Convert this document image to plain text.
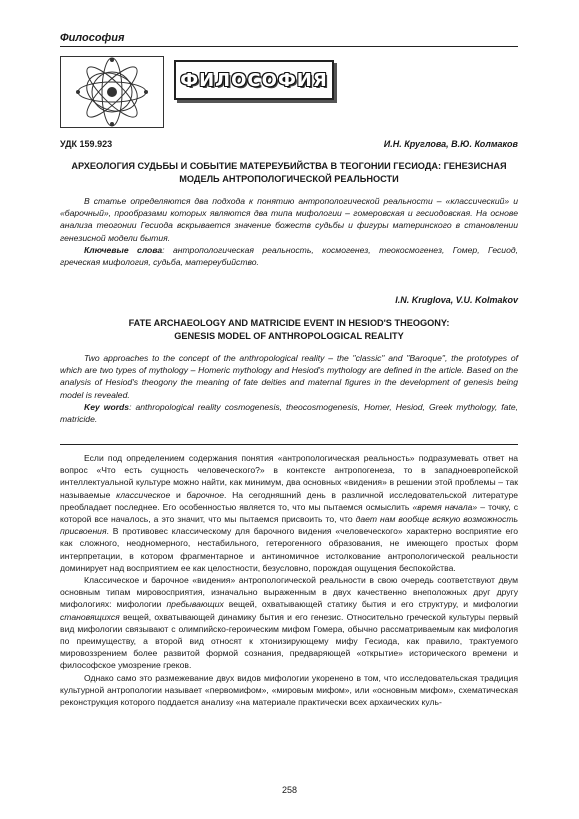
Философия
ФИЛОСОФИЯ
УДК 159.923	И.Н. Круглова, В.Ю. Колмаков
АРХЕОЛОГИЯ СУДЬБЫ И СОБЫТИЕ МАТЕРЕУБИЙСТВА В ТЕОГОНИИ ГЕСИОДА: ГЕНЕЗИСНАЯ
МОДЕЛЬ АНТРОПОЛОГИЧЕСКОЙ РЕАЛЬНОСТИ

В статье определяются два подхода к понятию антропологической реальности – «классический» и «барочный», прообразами которых являются два типа мифологии – гомеровская и гесиодовская. На основе анализа теогонии Гесиода вскрывается значение божеств судьбы и фигуры материнского в становлении генезисной модели бытия.

Ключевые слова: антропологическая реальность, космогенез, теокосмогенез, Гомер, Гесиод, греческая мифология, судьба, матереубийство.

I.N. Kruglova, V.U. Kolmakov
FATE ARCHAEOLOGY AND MATRICIDE EVENT IN HESIOD'S THEOGONY:
GENESIS MODEL OF ANTHROPOLOGICAL REALITY

Two approaches to the concept of the anthropological reality – the "classic" and "Baroque", the prototypes of which are two types of mythology – Homeric mythology and Hesiod's mythology are defined in the article. Based on the analysis of Hesiod's theogony the meaning of fate deities and maternal figures in the development of genesis being model is revealed.

Key words: anthropological reality cosmogenesis, theocosmogenesis, Homer, Hesiod, Greek mythology, fate, matricide.

Если под определением содержания понятия «антропологическая реальность» подразумевать ответ на вопрос «Что есть сущность человеческого?» в контексте антропогенеза, то в западноевропейской интеллектуальной культуре можно найти, как минимум, два основных «видения» в решении этой проблемы – так называемые классическое и барочное. На сегодняшний день в различной исследовательской литературе преобладает последнее. Его особенностью является то, что мы пытаемся осмыслить «время начала» – точку, с которой все началось, а это значит, что мы пытаемся присвоить то, что дает нам вообще всякую возможность присвоения. В противовес классическому для барочного видения «человеческого» характерно восприятие его как сложного, неодномерного, нестабильного, гетерогенного образования, не имеющего простых форм интерпретации, в котором фрагментарное и антиномичное истолкование антропологической реальности доминирует над восприятием ее как целостности, безусловно, порождая ощущения беспокойства.

Классическое и барочное «видения» антропологической реальности в свою очередь соответствуют двум основным типам мировосприятия, изначально выраженным в двух качественно внеположных друг другу мифологиях: мифологии пребывающих вещей, охватывающей статику бытия и его структуру, и мифологии становящихся вещей, охватывающей динамику бытия и его генезис. Относительно греческой культуры первый вид мифологии связывают с олимпийско-героическим мифом Гомера, обычно рассматриваемым как мифология по преимуществу, а второй вид относят к хтонизирующему мифу Гесиода, как правило, трактуемого мировоззрением более развитой формой сознания, предваряющей «открытие» исторического времени и философское умозрение греков.

Однако само это размежевание двух видов мифологии укоренено в том, что исследовательская традиция культурной антропологии называет «первомифом», «мировым мифом», или «основным мифом», схематическая реконструкция которого поддается анализу «на материале практически всех архаических куль-

258
